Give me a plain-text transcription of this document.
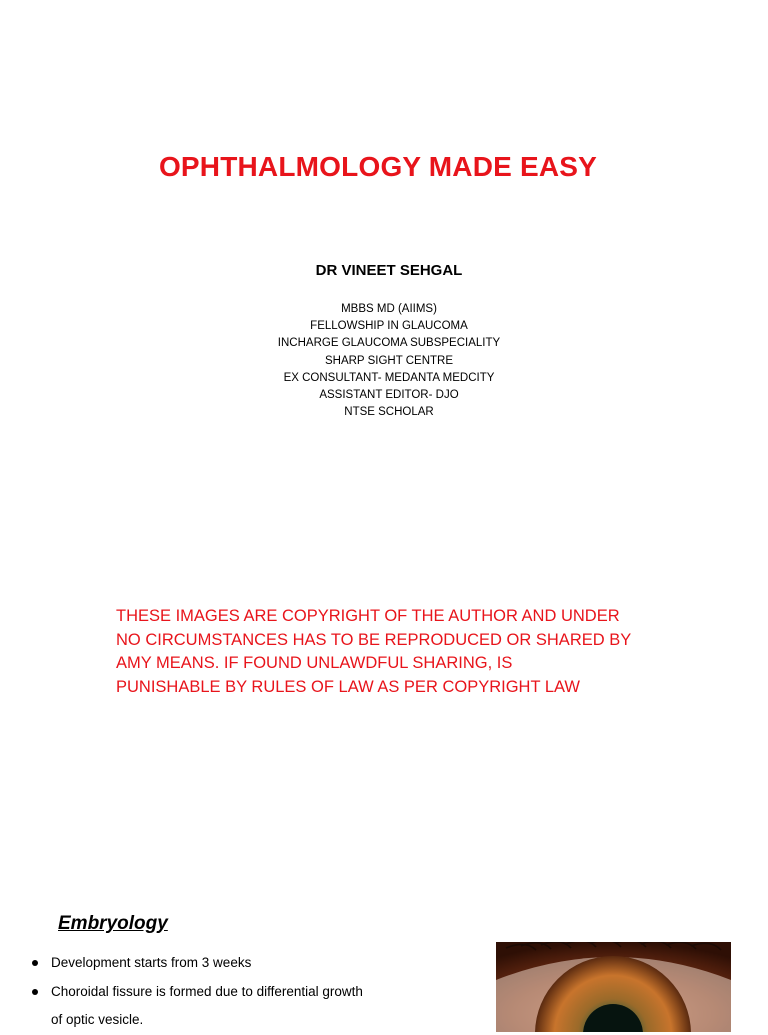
OPHTHALMOLOGY MADE EASY
DR VINEET SEHGAL
MBBS MD (AIIMS)
FELLOWSHIP IN GLAUCOMA
INCHARGE GLAUCOMA SUBSPECIALITY
SHARP SIGHT CENTRE
EX CONSULTANT- MEDANTA MEDCITY
ASSISTANT EDITOR- DJO
NTSE SCHOLAR
THESE IMAGES ARE COPYRIGHT OF THE AUTHOR AND UNDER
NO CIRCUMSTANCES HAS TO BE REPRODUCED OR SHARED BY
AMY MEANS. IF FOUND UNLAWDFUL SHARING, IS
PUNISHABLE BY RULES OF LAW AS PER COPYRIGHT LAW
Embryology
Development starts from 3 weeks
Choroidal fissure is formed due to differential growth
of optic vesicle.
